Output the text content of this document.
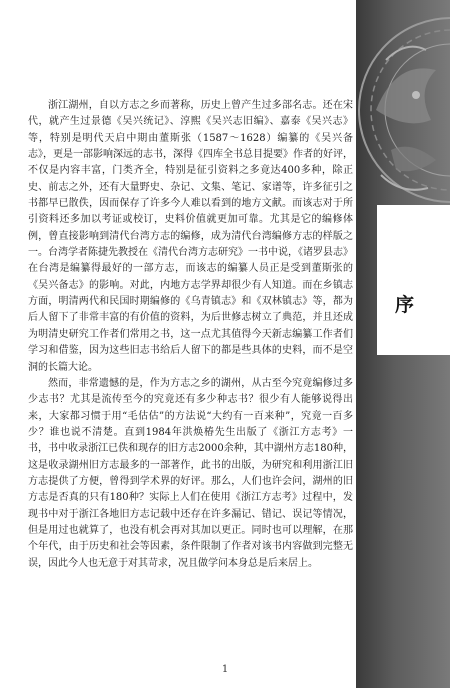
序

浙江湖州，自以方志之乡而著称，历史上曾产生过多部名志。还在宋代，就产生过景德《吴兴统记》、淳熙《吴兴志旧编》、嘉泰《吴兴志》等，特别是明代天启中期由董斯张（1587～1628）编纂的《吴兴备志》，更是一部影响深远的志书，深得《四库全书总目提要》作者的好评，不仅是内容丰富，门类齐全，特别是征引资料之多竟达400多种，除正史、前志之外，还有大量野史、杂记、文集、笔记、家谱等，许多征引之书都早已散佚，因而保存了许多今人难以看到的地方文献。而该志对于所引资料还多加以考证或校订，史料价值就更加可靠。尤其是它的编修体例，曾直接影响到清代台湾方志的编修，成为清代台湾编修方志的样版之一。台湾学者陈捷先教授在《清代台湾方志研究》一书中说，《诸罗县志》在台湾是编纂得最好的一部方志，而该志的编纂人员正是受到董斯张的《吴兴备志》的影响。对此，内地方志学界却很少有人知道。而在乡镇志方面，明清两代和民国时期编修的《乌青镇志》和《双林镇志》等，都为后人留下了非常丰富的有价值的资料，为后世修志树立了典范，并且还成为明清史研究工作者们常用之书，这一点尤其值得今天新志编纂工作者们学习和借鉴，因为这些旧志书给后人留下的都是些具体的史料，而不是空洞的长篇大论。

然而，非常遗憾的是，作为方志之乡的湖州，从古至今究竟编修过多少志书？尤其是流传至今的究竟还有多少种志书？很少有人能够说得出来，大家都习惯于用“毛估估”的方法说“大约有一百来种”，究竟一百多少？谁也说不清楚。直到1984年洪焕椿先生出版了《浙江方志考》一书，书中收录浙江已佚和现存的旧方志2000余种，其中湖州方志180种，这是收录湖州旧方志最多的一部著作，此书的出版，为研究和利用浙江旧方志提供了方便，曾得到学术界的好评。那么，人们也许会问，湖州的旧方志是否真的只有180种？实际上人们在使用《浙江方志考》过程中，发现书中对于浙江各地旧方志记载中还存在许多漏记、错记、误记等情况，但是用过也就算了，也没有机会再对其加以更正。同时也可以理解，在那个年代，由于历史和社会等因素，条件限制了作者对该书内容做到完整无误，因此今人也无意于对其苛求，况且做学问本身总是后来居上。

1
